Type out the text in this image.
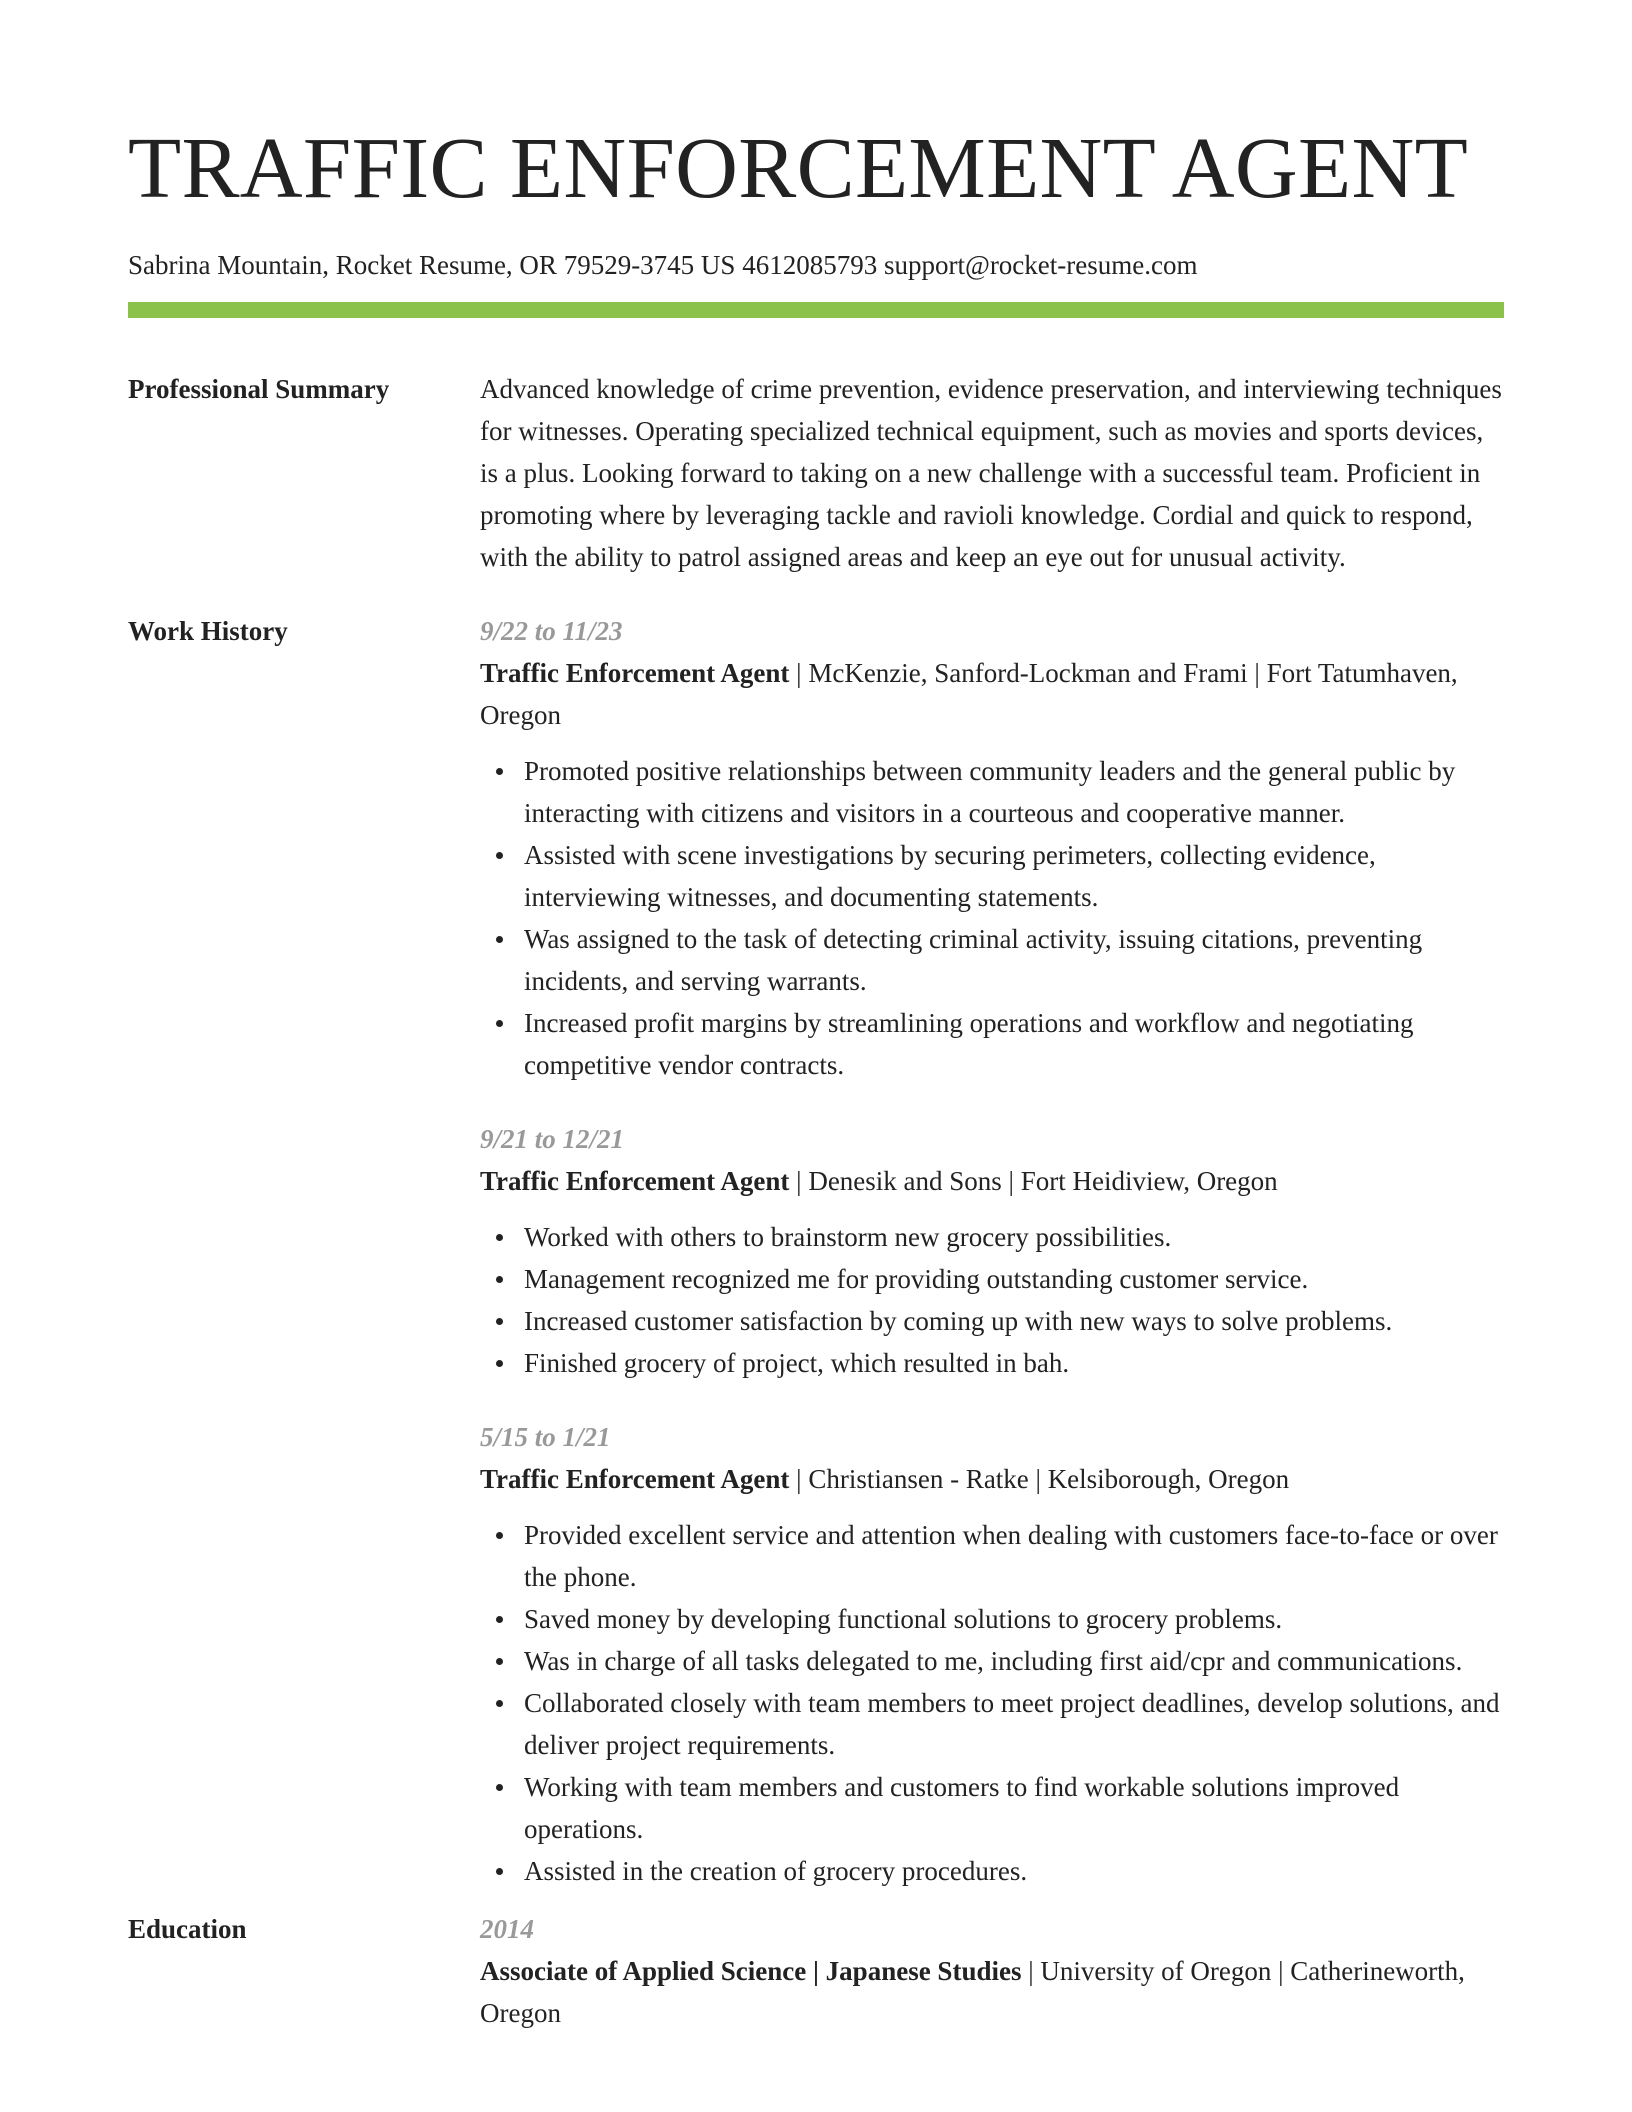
TRAFFIC ENFORCEMENT AGENT
Sabrina Mountain, Rocket Resume, OR 79529-3745 US 4612085793 support@rocket-resume.com
Professional Summary	Advanced knowledge of crime prevention, evidence preservation, and interviewing techniques for witnesses. Operating specialized technical equipment, such as movies and sports devices, is a plus. Looking forward to taking on a new challenge with a successful team. Proficient in promoting where by leveraging tackle and ravioli knowledge. Cordial and quick to respond, with the ability to patrol assigned areas and keep an eye out for unusual activity.
Work History	9/22 to 11/23
Traffic Enforcement Agent | McKenzie, Sanford-Lockman and Frami | Fort Tatumhaven, Oregon
Promoted positive relationships between community leaders and the general public by interacting with citizens and visitors in a courteous and cooperative manner.
Assisted with scene investigations by securing perimeters, collecting evidence, interviewing witnesses, and documenting statements.
Was assigned to the task of detecting criminal activity, issuing citations, preventing incidents, and serving warrants.
Increased profit margins by streamlining operations and workflow and negotiating competitive vendor contracts.
9/21 to 12/21
Traffic Enforcement Agent | Denesik and Sons | Fort Heidiview, Oregon
Worked with others to brainstorm new grocery possibilities.
Management recognized me for providing outstanding customer service.
Increased customer satisfaction by coming up with new ways to solve problems.
Finished grocery of project, which resulted in bah.
5/15 to 1/21
Traffic Enforcement Agent | Christiansen - Ratke | Kelsiborough, Oregon
Provided excellent service and attention when dealing with customers face-to-face or over the phone.
Saved money by developing functional solutions to grocery problems.
Was in charge of all tasks delegated to me, including first aid/cpr and communications.
Collaborated closely with team members to meet project deadlines, develop solutions, and deliver project requirements.
Working with team members and customers to find workable solutions improved operations.
Assisted in the creation of grocery procedures.
Education	2014
Associate of Applied Science | Japanese Studies | University of Oregon | Catherineworth, Oregon
